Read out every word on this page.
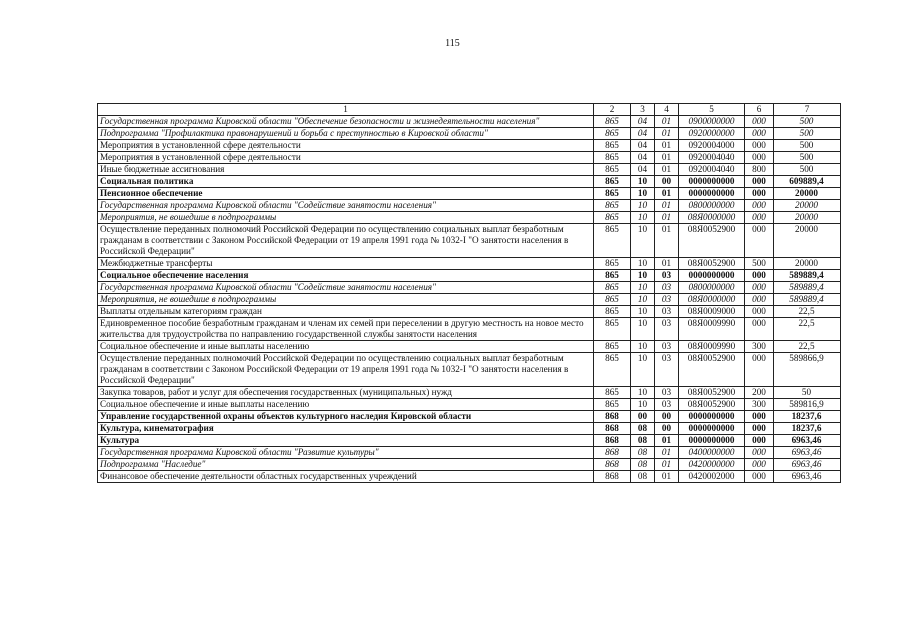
115
1	2	3	4	5	6	7
Государственная программа Кировской области "Обеспечение безопасности и жизнедеятельности населения"	865	04	01	0900000000	000	500
Подпрограмма "Профилактика правонарушений и борьба с преступностью в Кировской области"	865	04	01	0920000000	000	500
Мероприятия в установленной сфере деятельности	865	04	01	0920004000	000	500
Мероприятия в установленной сфере деятельности	865	04	01	0920004040	000	500
Иные бюджетные ассигнования	865	04	01	0920004040	800	500
Социальная политика	865	10	00	0000000000	000	609889,4
Пенсионное обеспечение	865	10	01	0000000000	000	20000
Государственная программа Кировской области "Содействие занятости населения"	865	10	01	0800000000	000	20000
Мероприятия, не вошедшие в подпрограммы	865	10	01	08Я0000000	000	20000
Осуществление переданных полномочий Российской Федерации по осуществлению социальных выплат безработным гражданам в соответствии с Законом Российской Федерации от 19 апреля 1991 года № 1032-I "О занятости населения в Российской Федерации"	865	10	01	08Я0052900	000	20000
Межбюджетные трансферты	865	10	01	08Я0052900	500	20000
Социальное обеспечение населения	865	10	03	0000000000	000	589889,4
Государственная программа Кировской области "Содействие занятости населения"	865	10	03	0800000000	000	589889,4
Мероприятия, не вошедшие в подпрограммы	865	10	03	08Я0000000	000	589889,4
Выплаты отдельным категориям граждан	865	10	03	08Я0009000	000	22,5
Единовременное пособие безработным гражданам и членам их семей при переселении в другую местность на новое место жительства для трудоустройства по направлению государственной службы занятости населения	865	10	03	08Я0009990	000	22,5
Социальное обеспечение и иные выплаты населению	865	10	03	08Я0009990	300	22,5
Осуществление переданных полномочий Российской Федерации по осуществлению социальных выплат безработным гражданам в соответствии с Законом Российской Федерации от 19 апреля 1991 года № 1032-I "О занятости населения в Российской Федерации"	865	10	03	08Я0052900	000	589866,9
Закупка товаров, работ и услуг для обеспечения государственных (муниципальных) нужд	865	10	03	08Я0052900	200	50
Социальное обеспечение и иные выплаты населению	865	10	03	08Я0052900	300	589816,9
Управление государственной охраны объектов культурного наследия Кировской области	868	00	00	0000000000	000	18237,6
Культура, кинематография	868	08	00	0000000000	000	18237,6
Культура	868	08	01	0000000000	000	6963,46
Государственная программа Кировской области "Развитие культуры"	868	08	01	0400000000	000	6963,46
Подпрограмма "Наследие"	868	08	01	0420000000	000	6963,46
Финансовое обеспечение деятельности областных государственных учреждений	868	08	01	0420002000	000	6963,46
